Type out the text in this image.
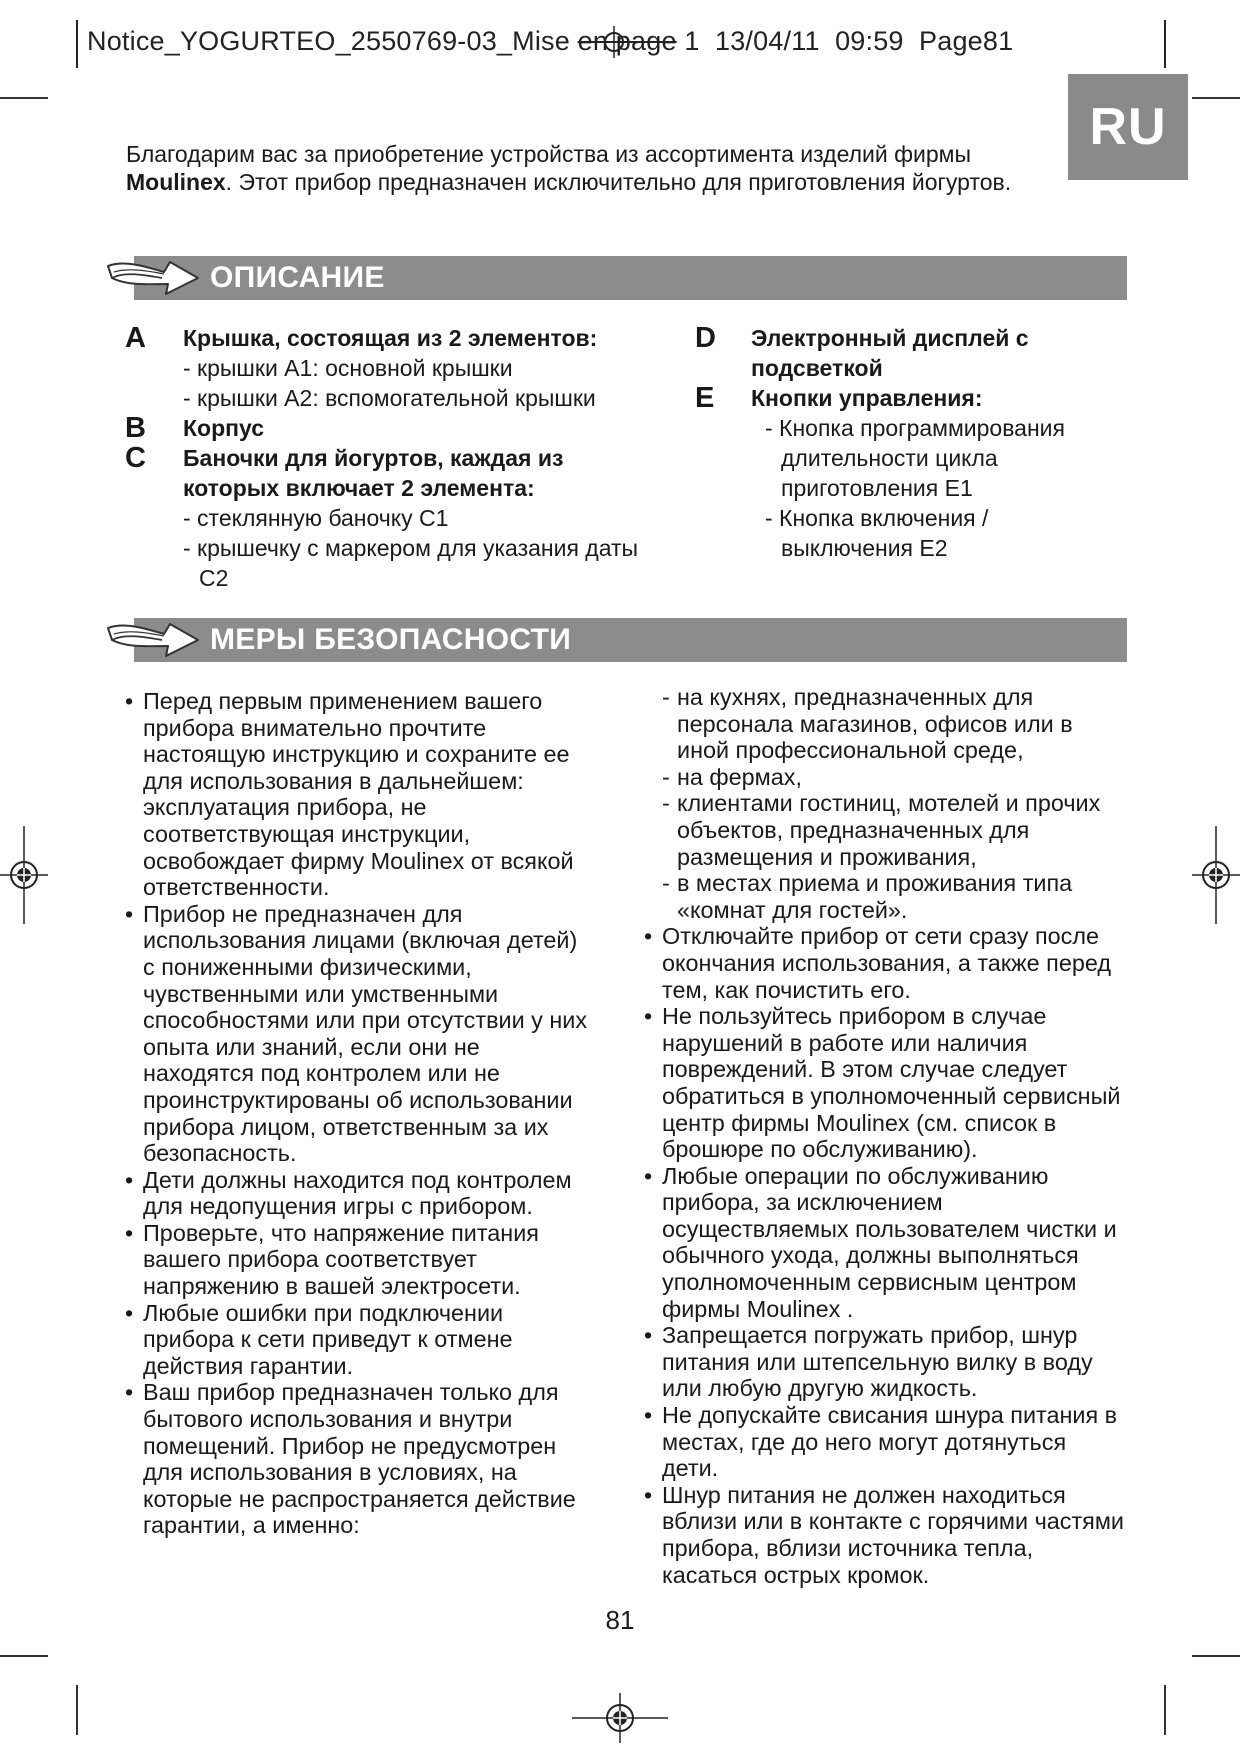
Notice_YOGURTEO_2550769-03_Mise en page 1  13/04/11  09:59  Page81
RU
Благодарим вас за приобретение устройства из ассортимента изделий фирмы Moulinex. Этот прибор предназначен исключительно для приготовления йогуртов.
ОПИСАНИЕ
A Крышка, состоящая из 2 элементов:
- крышки A1: основной крышки
- крышки A2: вспомогательной крышки
B Корпус
C Баночки для йогуртов, каждая из которых включает 2 элемента:
- стеклянную баночку C1
- крышечку с маркером для указания даты C2
D Электронный дисплей с подсветкой
E Кнопки управления:
- Кнопка программирования длительности цикла приготовления E1
- Кнопка включения /выключения E2
МЕРЫ БЕЗОПАСНОСТИ
• Перед первым применением вашего прибора внимательно прочтите настоящую инструкцию и сохраните ее для использования в дальнейшем: эксплуатация прибора, не соответствующая инструкции, освобождает фирму Moulinex от всякой ответственности.
• Прибор не предназначен для использования лицами (включая детей) с пониженными физическими, чувственными или умственными способностями или при отсутствии у них опыта или знаний, если они не находятся под контролем или не проинструктированы об использовании прибора лицом, ответственным за их безопасность.
• Дети должны находится под контролем для недопущения игры с прибором.
• Проверьте, что напряжение питания вашего прибора соответствует напряжению в вашей электросети.
• Любые ошибки при подключении прибора к сети приведут к отмене действия гарантии.
• Ваш прибор предназначен только для бытового использования и внутри помещений. Прибор не предусмотрен для использования в условиях, на которые не распространяется действие гарантии, а именно:
- на кухнях, предназначенных для персонала магазинов, офисов или в иной профессиональной среде,
- на фермах,
- клиентами гостиниц, мотелей и прочих объектов, предназначенных для размещения и проживания,
- в местах приема и проживания типа «комнат для гостей».
• Отключайте прибор от сети сразу после окончания использования, а также перед тем, как почистить его.
• Не пользуйтесь прибором в случае нарушений в работе или наличия повреждений. В этом случае следует обратиться в уполномоченный сервисный центр фирмы Moulinex (см. список в брошюре по обслуживанию).
• Любые операции по обслуживанию прибора, за исключением осуществляемых пользователем чистки и обычного ухода, должны выполняться уполномоченным сервисным центром фирмы Moulinex .
• Запрещается погружать прибор, шнур питания или штепсельную вилку в воду или любую другую жидкость.
• Не допускайте свисания шнура питания в местах, где до него могут дотянуться дети.
• Шнур питания не должен находиться вблизи или в контакте с горячими частями прибора, вблизи источника тепла, касаться острых кромок.
81
